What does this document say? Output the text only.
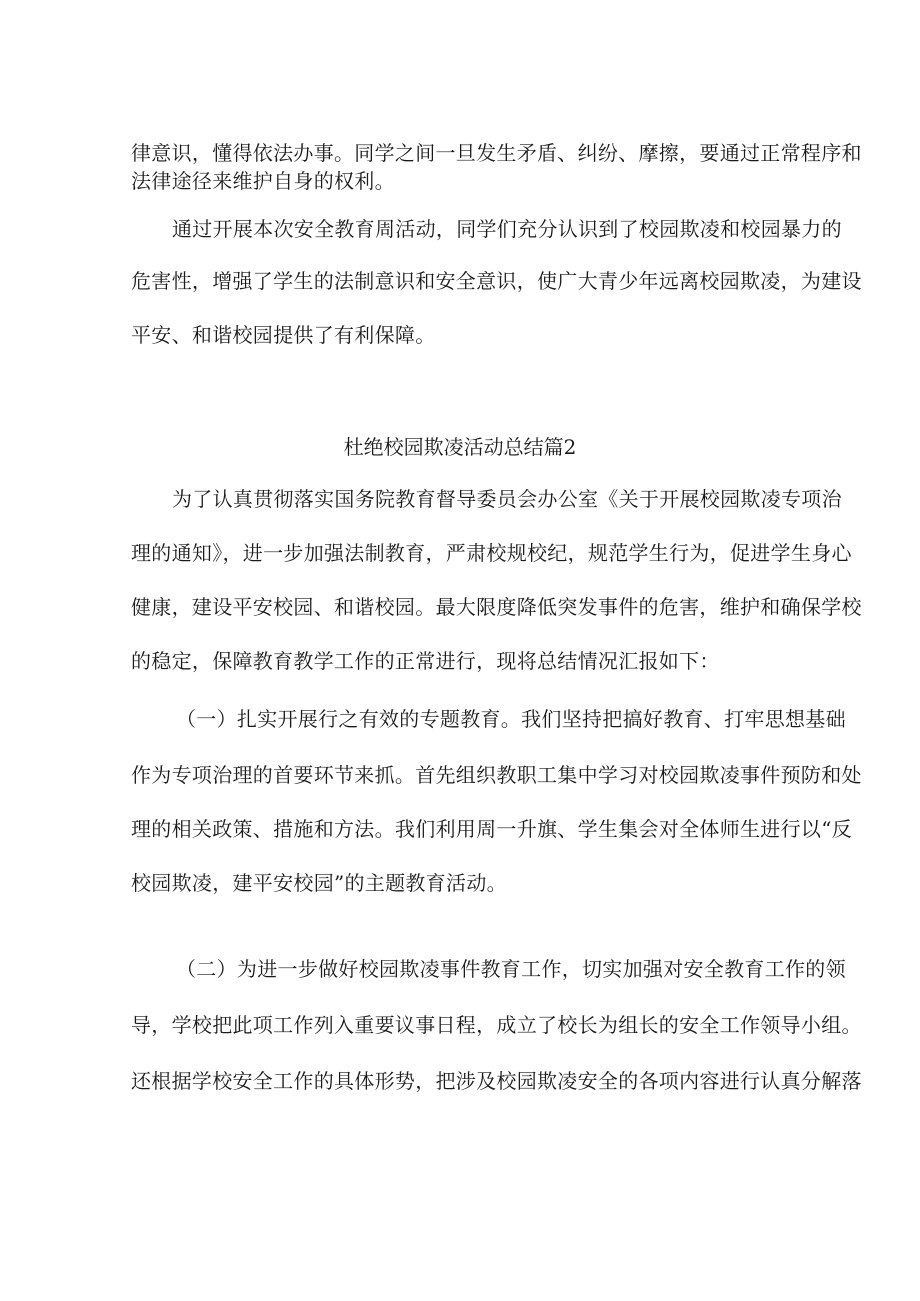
律意识，懂得依法办事。同学之间一旦发生矛盾、纠纷、摩擦，要通过正常程序和
法律途径来维护自身的权利。
通过开展本次安全教育周活动，同学们充分认识到了校园欺凌和校园暴力的
危害性，增强了学生的法制意识和安全意识，使广大青少年远离校园欺凌，为建设
平安、和谐校园提供了有利保障。
杜绝校园欺凌活动总结篇2
为了认真贯彻落实国务院教育督导委员会办公室《关于开展校园欺凌专项治
理的通知》，进一步加强法制教育，严肃校规校纪，规范学生行为，促进学生身心
健康，建设平安校园、和谐校园。最大限度降低突发事件的危害，维护和确保学校
的稳定，保障教育教学工作的正常进行，现将总结情况汇报如下：
（一）扎实开展行之有效的专题教育。我们坚持把搞好教育、打牢思想基础
作为专项治理的首要环节来抓。首先组织教职工集中学习对校园欺凌事件预防和处
理的相关政策、措施和方法。我们利用周一升旗、学生集会对全体师生进行以“反
校园欺凌，建平安校园”的主题教育活动。
（二）为进一步做好校园欺凌事件教育工作，切实加强对安全教育工作的领
导，学校把此项工作列入重要议事日程，成立了校长为组长的安全工作领导小组。
还根据学校安全工作的具体形势，把涉及校园欺凌安全的各项内容进行认真分解落
